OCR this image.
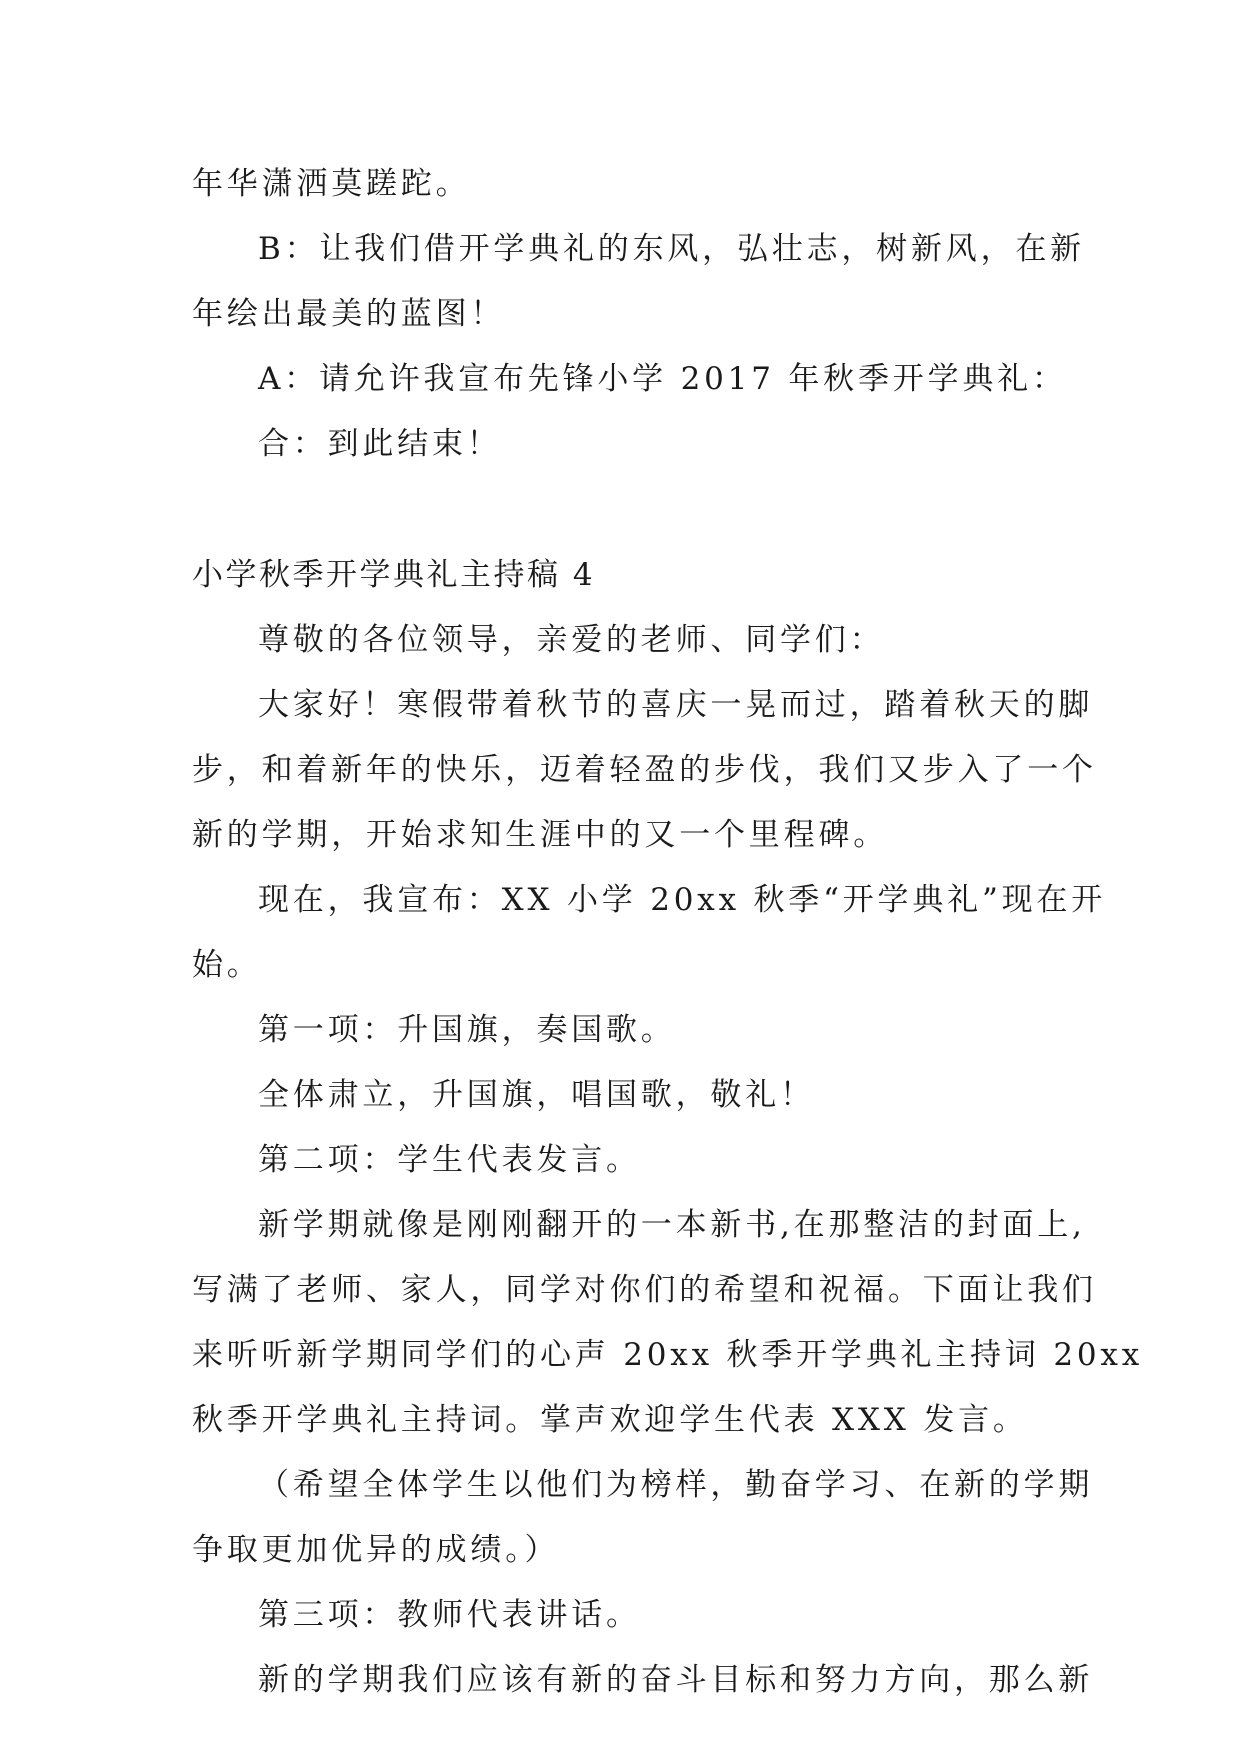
年华潇洒莫蹉跎。
B：让我们借开学典礼的东风，弘壮志，树新风，在新
年绘出最美的蓝图！
A：请允许我宣布先锋小学 2017 年秋季开学典礼：
合：到此结束！
小学秋季开学典礼主持稿 4
尊敬的各位领导，亲爱的老师、同学们：
大家好！寒假带着秋节的喜庆一晃而过，踏着秋天的脚
步，和着新年的快乐，迈着轻盈的步伐，我们又步入了一个
新的学期，开始求知生涯中的又一个里程碑。
现在，我宣布：XX 小学 20xx 秋季“开学典礼”现在开
始。
第一项：升国旗，奏国歌。
全体肃立，升国旗，唱国歌，敬礼！
第二项：学生代表发言。
新学期就像是刚刚翻开的一本新书,在那整洁的封面上,
写满了老师、家人，同学对你们的希望和祝福。下面让我们
来听听新学期同学们的心声 20xx 秋季开学典礼主持词 20xx
秋季开学典礼主持词。掌声欢迎学生代表 XXX 发言。
（希望全体学生以他们为榜样，勤奋学习、在新的学期
争取更加优异的成绩。）
第三项：教师代表讲话。
新的学期我们应该有新的奋斗目标和努力方向，那么新
